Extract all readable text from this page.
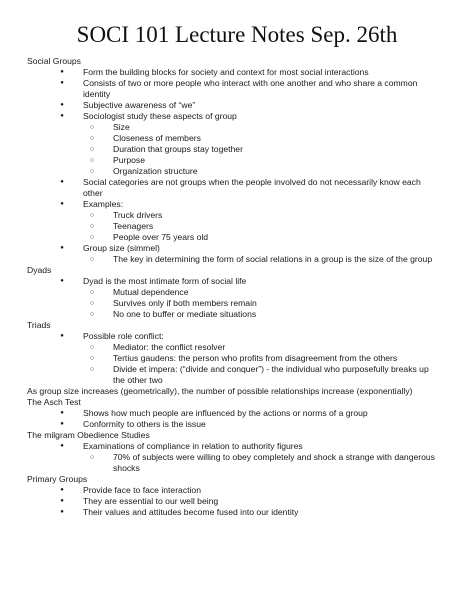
SOCI 101 Lecture Notes Sep. 26th
Social Groups
●	Form the building blocks for society and context for most social interactions
●	Consists of two or more people who interact with one another and who share a common identity
●	Subjective awareness of “we”
●	Sociologist study these aspects of group
○	Size
○	Closeness of members
○	Duration that groups stay together
○	Purpose
○	Organization structure
●	Social categories are not groups when the people involved do not necessarily know each other
●	Examples:
○	Truck drivers
○	Teenagers
○	People over 75 years old
●	Group size (simmel)
○	The key in determining the form of social relations in a group is the size of the group
Dyads
●	Dyad is the most intimate form of social life
○	Mutual dependence
○	Survives only if both members remain
○	No one to buffer or mediate situations
Triads
●	Possible role conflict:
○	Mediator: the conflict resolver
○	Tertius gaudens: the person who profits from disagreement from the others
○	Divide et impera: (“divide and conquer”) - the individual who purposefully breaks up the other two
As group size increases (geometrically), the number of possible relationships increase (exponentially)
The Asch Test
●	Shows how much people are influenced by the actions or norms of a group
●	Conformity to others is the issue
The milgram Obedience Studies
●	Examinations of compliance in relation to authority figures
○	70% of subjects were willing to obey completely and shock a strange with dangerous shocks
Primary Groups
●	Provide face to face interaction
●	They are essential to our well being
●	Their values and attitudes become fused into our identity
